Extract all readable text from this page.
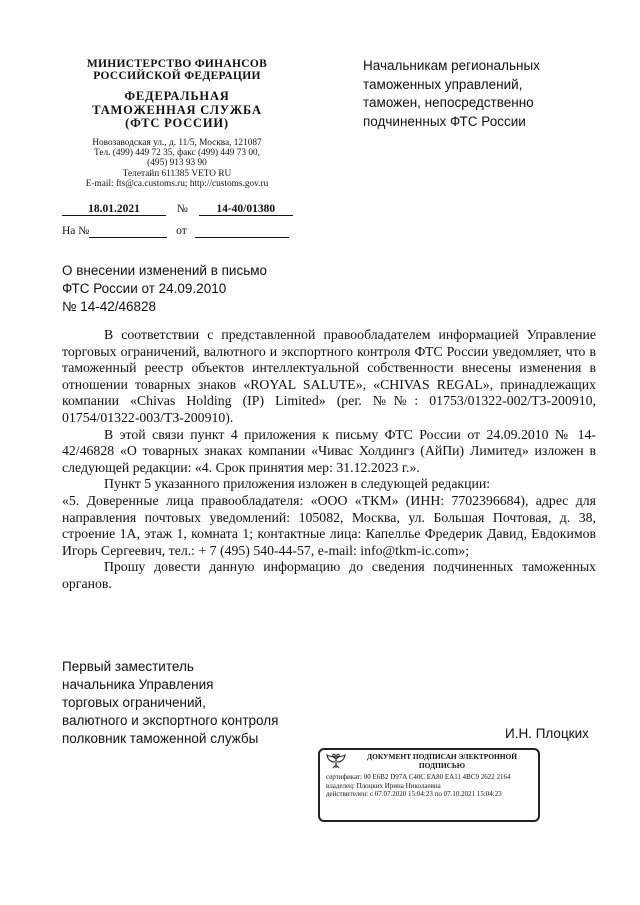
МИНИСТЕРСТВО ФИНАНСОВ
РОССИЙСКОЙ ФЕДЕРАЦИИ
ФЕДЕРАЛЬНАЯ
ТАМОЖЕННАЯ СЛУЖБА
(ФТС РОССИИ)
Новозаводская ул., д. 11/5, Москва, 121087
Тел. (499) 449 72 35, факс (499) 449 73 00,
(495) 913 93 90
Телетайп 611385 VETO RU
E-mail: fts@ca.customs.ru; http://customs.gov.ru
18.01.2021	№ 14-40/01380
На №	от
Начальникам региональных
таможенных управлений,
таможен, непосредственно
подчиненных ФТС России
О внесении изменений в письмо
ФТС России от 24.09.2010
№ 14-42/46828

В соответствии с представленной правообладателем информацией Управление торговых ограничений, валютного и экспортного контроля ФТС России уведомляет, что в таможенный реестр объектов интеллектуальной собственности внесены изменения в отношении товарных знаков «ROYAL SALUTE», «CHIVAS REGAL», принадлежащих компании «Chivas Holding (IP) Limited» (рег. №№: 01753/01322-002/ТЗ-200910, 01754/01322-003/ТЗ-200910).

В этой связи пункт 4 приложения к письму ФТС России от 24.09.2010 № 14-42/46828 «О товарных знаках компании «Чивас Холдингз (АйПи) Лимитед» изложен в следующей редакции: «4. Срок принятия мер: 31.12.2023 г.».

Пункт 5 указанного приложения изложен в следующей редакции:

«5. Доверенные лица правообладателя: «ООО «ТКМ» (ИНН: 7702396684), адрес для направления почтовых уведомлений: 105082, Москва, ул. Большая Почтовая, д. 38, строение 1А, этаж 1, комната 1; контактные лица: Капеллье Фредерик Давид, Евдокимов Игорь Сергеевич, тел.: + 7 (495) 540-44-57, e-mail: info@tkm-ic.com»;

Прошу довести данную информацию до сведения подчиненных таможенных органов.

Первый заместитель
начальника Управления
торговых ограничений,
валютного и экспортного контроля
полковник таможенной службы	И.Н. Плоцких
ДОКУМЕНТ ПОДПИСАН ЭЛЕКТРОННОЙ
ПОДПИСЬЮ
сертификат: 00 E6B2 D97A C40C EA80 EA11 4BC9 2622 2164
владелец: Плоцких Ирина Николаевна
действителен: с 07.07.2020 15:04:23 по 07.10.2021 15:04:23
